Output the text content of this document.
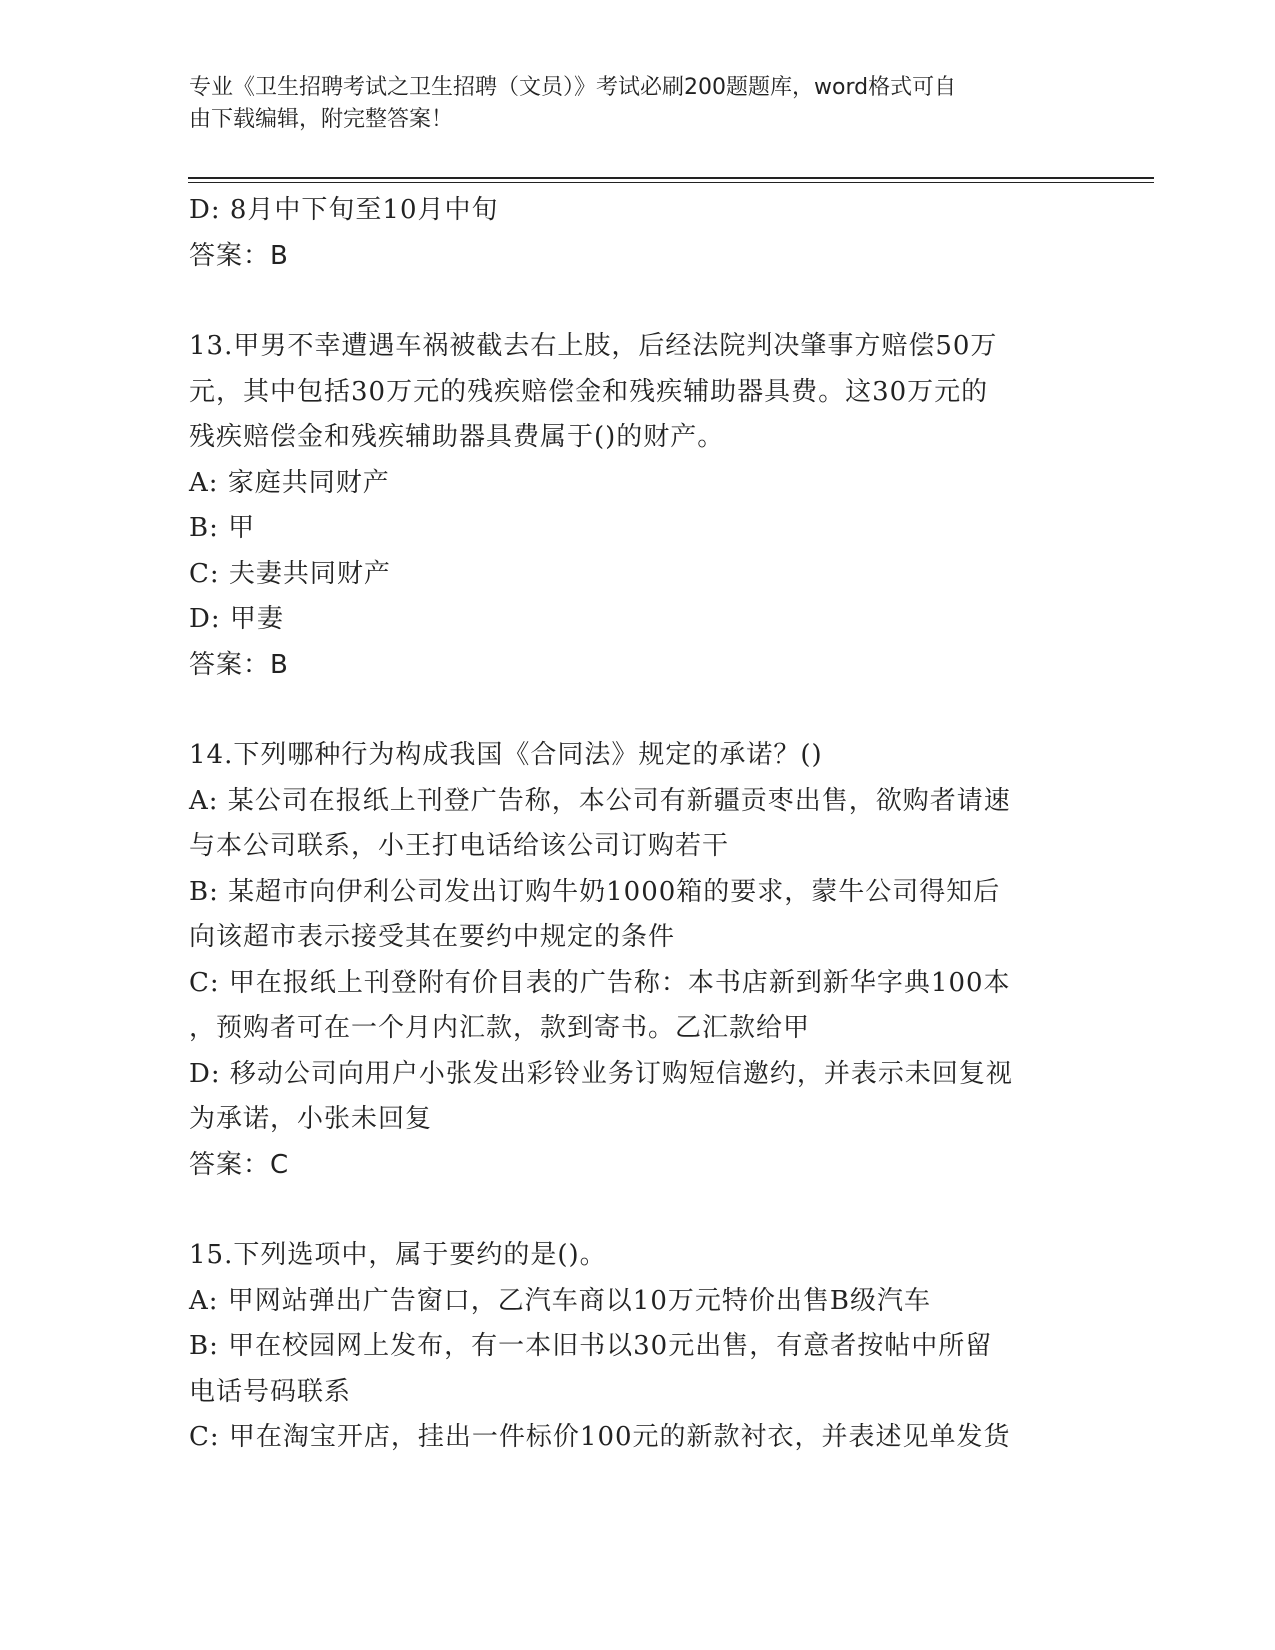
专业《卫生招聘考试之卫生招聘（文员）》考试必刷200题题库，word格式可自
由下载编辑，附完整答案！
D: 8月中下旬至10月中旬
答案：B
13.甲男不幸遭遇车祸被截去右上肢，后经法院判决肇事方赔偿50万
元，其中包括30万元的残疾赔偿金和残疾辅助器具费。这30万元的
残疾赔偿金和残疾辅助器具费属于()的财产。
A: 家庭共同财产
B: 甲
C: 夫妻共同财产
D: 甲妻
答案：B
14.下列哪种行为构成我国《合同法》规定的承诺？()
A: 某公司在报纸上刊登广告称，本公司有新疆贡枣出售，欲购者请速
与本公司联系，小王打电话给该公司订购若干
B: 某超市向伊利公司发出订购牛奶1000箱的要求，蒙牛公司得知后
向该超市表示接受其在要约中规定的条件
C: 甲在报纸上刊登附有价目表的广告称：本书店新到新华字典100本
，预购者可在一个月内汇款，款到寄书。乙汇款给甲
D: 移动公司向用户小张发出彩铃业务订购短信邀约，并表示未回复视
为承诺，小张未回复
答案：C
15.下列选项中，属于要约的是()。
A: 甲网站弹出广告窗口，乙汽车商以10万元特价出售B级汽车
B: 甲在校园网上发布，有一本旧书以30元出售，有意者按帖中所留
电话号码联系
C: 甲在淘宝开店，挂出一件标价100元的新款衬衣，并表述见单发货
